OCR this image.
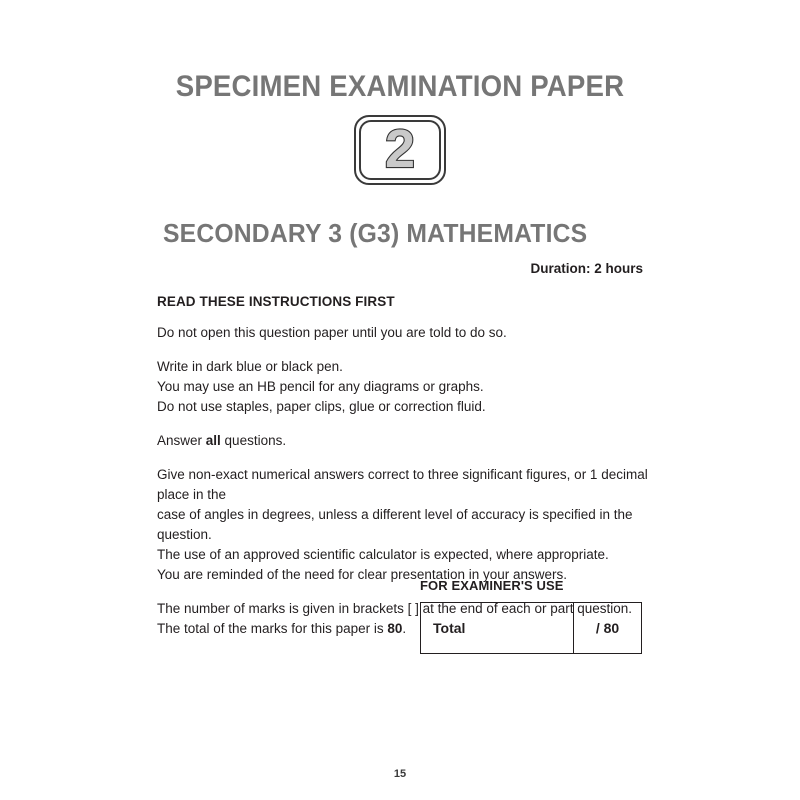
SPECIMEN EXAMINATION PAPER
2
SECONDARY 3 (G3) MATHEMATICS
Duration: 2 hours
READ THESE INSTRUCTIONS FIRST

Do not open this question paper until you are told to do so.

Write in dark blue or black pen.
You may use an HB pencil for any diagrams or graphs.
Do not use staples, paper clips, glue or correction fluid.

Answer all questions.

Give non-exact numerical answers correct to three significant figures, or 1 decimal place in the
case of angles in degrees, unless a different level of accuracy is specified in the question.
The use of an approved scientific calculator is expected, where appropriate.
You are reminded of the need for clear presentation in your answers.

The number of marks is given in brackets [ ] at the end of each or part question. The total of the marks for this paper is 80.

FOR EXAMINER'S USE
Total	/ 80
15
